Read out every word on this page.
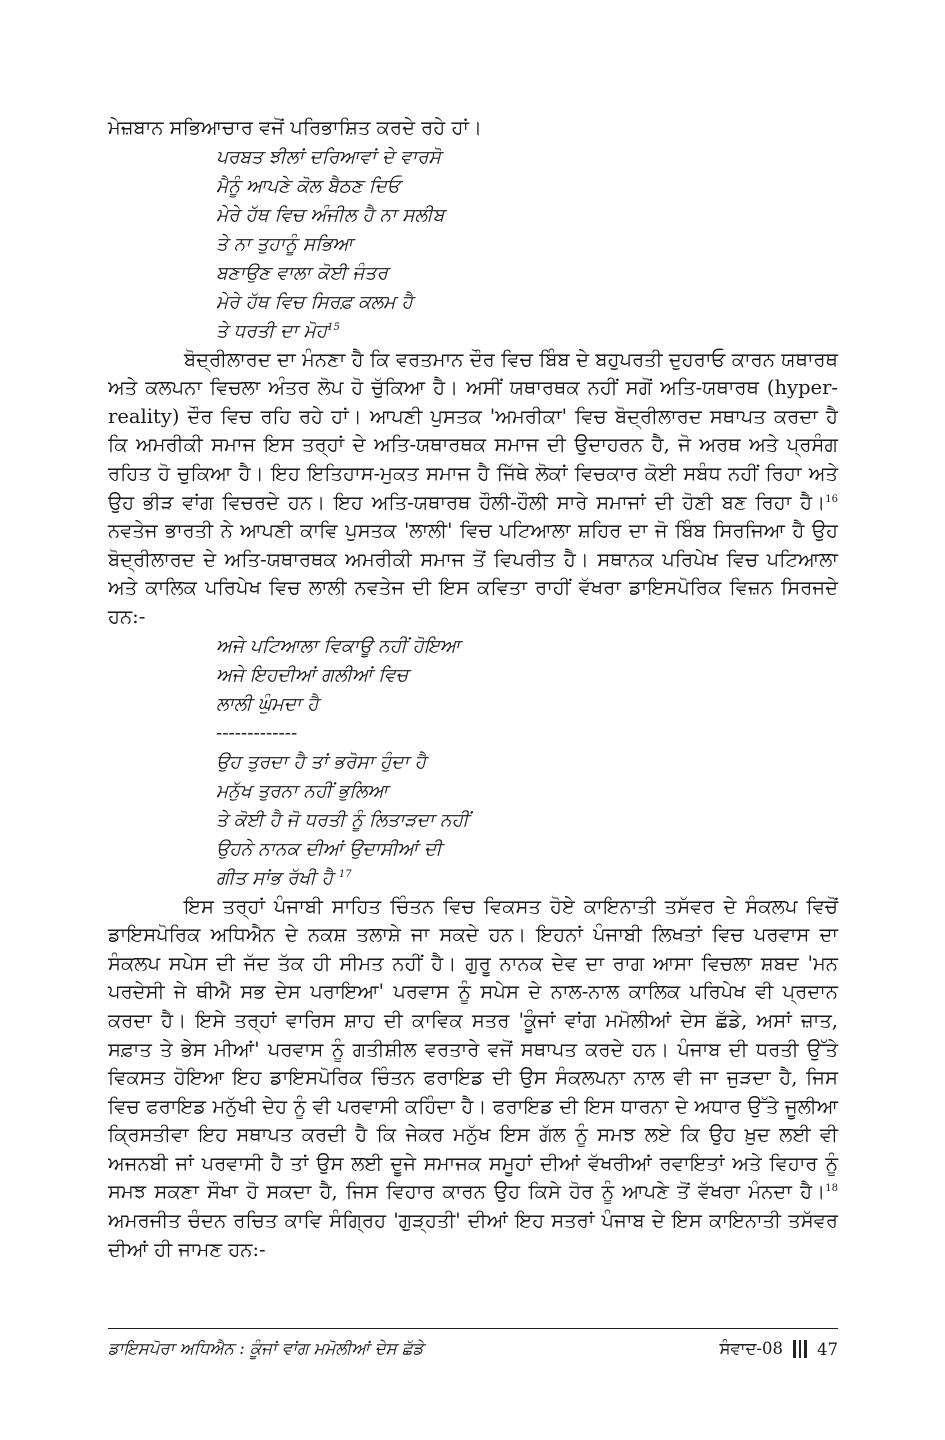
ਮੇਜ਼ਬਾਨ ਸਭਿਆਚਾਰ ਵਜੋਂ ਪਰਿਭਾਸ਼ਿਤ ਕਰਦੇ ਰਹੇ ਹਾਂ।

ਪਰਬਤ ਝੀਲਾਂ ਦਰਿਆਵਾਂ ਦੇ ਵਾਰਸੋ
ਮੈਨੂੰ ਆਪਣੇ ਕੋਲ ਬੈਠਣ ਦਿਓ
ਮੇਰੇ ਹੱਥ ਵਿਚ ਅੰਜੀਲ ਹੈ ਨਾ ਸਲੀਬ
ਤੇ ਨਾ ਤੁਹਾਨੂੰ ਸਭਿਆ
ਬਣਾਉਣ ਵਾਲਾ ਕੋਈ ਜੰਤਰ
ਮੇਰੇ ਹੱਥ ਵਿਚ ਸਿਰਫ਼ ਕਲਮ ਹੈ
ਤੇ ਧਰਤੀ ਦਾ ਮੋਹ$^{15}$

ਬੋਦ੍ਰੀਲਾਰਦ ਦਾ ਮੰਨਣਾ ਹੈ ਕਿ ਵਰਤਮਾਨ ਦੌਰ ਵਿਚ ਬਿੰਬ ਦੇ ਬਹੁਪਰਤੀ ਦੁਹਰਾਓ ਕਾਰਨ ਯਥਾਰਥ ਅਤੇ ਕਲਪਨਾ ਵਿਚਲਾ ਅੰਤਰ ਲੋਪ ਹੋ ਚੁੱਕਿਆ ਹੈ। ਅਸੀਂ ਯਥਾਰਥਕ ਨਹੀਂ ਸਗੋਂ ਅਤਿ-ਯਥਾਰਥ (hyper-reality) ਦੌਰ ਵਿਚ ਰਹਿ ਰਹੇ ਹਾਂ। ਆਪਣੀ ਪੁਸਤਕ 'ਅਮਰੀਕਾ' ਵਿਚ ਬੋਦ੍ਰੀਲਾਰਦ ਸਥਾਪਤ ਕਰਦਾ ਹੈ ਕਿ ਅਮਰੀਕੀ ਸਮਾਜ ਇਸ ਤਰ੍ਹਾਂ ਦੇ ਅਤਿ-ਯਥਾਰਥਕ ਸਮਾਜ ਦੀ ਉਦਾਹਰਨ ਹੈ, ਜੋ ਅਰਥ ਅਤੇ ਪ੍ਰਸੰਗ ਰਹਿਤ ਹੋ ਚੁਕਿਆ ਹੈ। ਇਹ ਇਤਿਹਾਸ-ਮੁਕਤ ਸਮਾਜ ਹੈ ਜਿੱਥੇ ਲੋਕਾਂ ਵਿਚਕਾਰ ਕੋਈ ਸਬੰਧ ਨਹੀਂ ਰਿਹਾ ਅਤੇ ਉਹ ਭੀੜ ਵਾਂਗ ਵਿਚਰਦੇ ਹਨ। ਇਹ ਅਤਿ-ਯਥਾਰਥ ਹੌਲੀ-ਹੌਲੀ ਸਾਰੇ ਸਮਾਜਾਂ ਦੀ ਹੋਣੀ ਬਣ ਰਿਹਾ ਹੈ।$^{16}$ ਨਵਤੇਜ ਭਾਰਤੀ ਨੇ ਆਪਣੀ ਕਾਵਿ ਪੁਸਤਕ 'ਲਾਲੀ' ਵਿਚ ਪਟਿਆਲਾ ਸ਼ਹਿਰ ਦਾ ਜੋ ਬਿੰਬ ਸਿਰਜਿਆ ਹੈ ਉਹ ਬੋਦ੍ਰੀਲਾਰਦ ਦੇ ਅਤਿ-ਯਥਾਰਥਕ ਅਮਰੀਕੀ ਸਮਾਜ ਤੋਂ ਵਿਪਰੀਤ ਹੈ। ਸਥਾਨਕ ਪਰਿਪੇਖ ਵਿਚ ਪਟਿਆਲਾ ਅਤੇ ਕਾਲਿਕ ਪਰਿਪੇਖ ਵਿਚ ਲਾਲੀ ਨਵਤੇਜ ਦੀ ਇਸ ਕਵਿਤਾ ਰਾਹੀਂ ਵੱਖਰਾ ਡਾਇਸਪੋਰਿਕ ਵਿਜ਼ਨ ਸਿਰਜਦੇ ਹਨ:-

ਅਜੇ ਪਟਿਆਲਾ ਵਿਕਾਊ ਨਹੀਂ ਹੋਇਆ
ਅਜੇ ਇਹਦੀਆਂ ਗਲੀਆਂ ਵਿਚ
ਲਾਲੀ ਘੁੰਮਦਾ ਹੈ
-------------
ਉਹ ਤੁਰਦਾ ਹੈ ਤਾਂ ਭਰੋਸਾ ਹੁੰਦਾ ਹੈ
ਮਨੁੱਖ ਤੁਰਨਾ ਨਹੀਂ ਭੁਲਿਆ
ਤੇ ਕੋਈ ਹੈ ਜੋ ਧਰਤੀ ਨੂੰ ਲਿਤਾੜਦਾ ਨਹੀਂ
ਉਹਨੇ ਨਾਨਕ ਦੀਆਂ ਉਦਾਸੀਆਂ ਦੀ
ਗੀਤ ਸਾਂਭ ਰੱਖੀ ਹੈ $^{17}$

ਇਸ ਤਰ੍ਹਾਂ ਪੰਜਾਬੀ ਸਾਹਿਤ ਚਿੰਤਨ ਵਿਚ ਵਿਕਸਤ ਹੋਏ ਕਾਇਨਾਤੀ ਤਸੱਵਰ ਦੇ ਸੰਕਲਪ ਵਿਚੋਂ ਡਾਇਸਪੋਰਿਕ ਅਧਿਐਨ ਦੇ ਨਕਸ਼ ਤਲਾਸ਼ੇ ਜਾ ਸਕਦੇ ਹਨ। ਇਹਨਾਂ ਪੰਜਾਬੀ ਲਿਖਤਾਂ ਵਿਚ ਪਰਵਾਸ ਦਾ ਸੰਕਲਪ ਸਪੇਸ ਦੀ ਜੱਦ ਤੱਕ ਹੀ ਸੀਮਤ ਨਹੀਂ ਹੈ। ਗੁਰੂ ਨਾਨਕ ਦੇਵ ਦਾ ਰਾਗ ਆਸਾ ਵਿਚਲਾ ਸ਼ਬਦ 'ਮਨ ਪਰਦੇਸੀ ਜੇ ਥੀਐ ਸਭ ਦੇਸ ਪਰਾਇਆ' ਪਰਵਾਸ ਨੂੰ ਸਪੇਸ ਦੇ ਨਾਲ-ਨਾਲ ਕਾਲਿਕ ਪਰਿਪੇਖ ਵੀ ਪ੍ਰਦਾਨ ਕਰਦਾ ਹੈ। ਇਸੇ ਤਰ੍ਹਾਂ ਵਾਰਿਸ ਸ਼ਾਹ ਦੀ ਕਾਵਿਕ ਸਤਰ 'ਕੂੰਜਾਂ ਵਾਂਗ ਮਮੋਲੀਆਂ ਦੇਸ ਛੱਡੇ, ਅਸਾਂ ਜ਼ਾਤ, ਸਫ਼ਾਤ ਤੇ ਭੇਸ ਮੀਆਂ' ਪਰਵਾਸ ਨੂੰ ਗਤੀਸ਼ੀਲ ਵਰਤਾਰੇ ਵਜੋਂ ਸਥਾਪਤ ਕਰਦੇ ਹਨ। ਪੰਜਾਬ ਦੀ ਧਰਤੀ ਉੱਤੇ ਵਿਕਸਤ ਹੋਇਆ ਇਹ ਡਾਇਸਪੋਰਿਕ ਚਿੰਤਨ ਫਰਾਇਡ ਦੀ ਉਸ ਸੰਕਲਪਨਾ ਨਾਲ ਵੀ ਜਾ ਜੁੜਦਾ ਹੈ, ਜਿਸ ਵਿਚ ਫਰਾਇਡ ਮਨੁੱਖੀ ਦੇਹ ਨੂੰ ਵੀ ਪਰਵਾਸੀ ਕਹਿੰਦਾ ਹੈ। ਫਰਾਇਡ ਦੀ ਇਸ ਧਾਰਨਾ ਦੇ ਅਧਾਰ ਉੱਤੇ ਜੂਲੀਆ ਕ੍ਰਿਸਤੀਵਾ ਇਹ ਸਥਾਪਤ ਕਰਦੀ ਹੈ ਕਿ ਜੇਕਰ ਮਨੁੱਖ ਇਸ ਗੱਲ ਨੂੰ ਸਮਝ ਲਏ ਕਿ ਉਹ ਖ਼ੁਦ ਲਈ ਵੀ ਅਜਨਬੀ ਜਾਂ ਪਰਵਾਸੀ ਹੈ ਤਾਂ ਉਸ ਲਈ ਦੂਜੇ ਸਮਾਜਕ ਸਮੂਹਾਂ ਦੀਆਂ ਵੱਖਰੀਆਂ ਰਵਾਇਤਾਂ ਅਤੇ ਵਿਹਾਰ ਨੂੰ ਸਮਝ ਸਕਣਾ ਸੌਖਾ ਹੋ ਸਕਦਾ ਹੈ, ਜਿਸ ਵਿਹਾਰ ਕਾਰਨ ਉਹ ਕਿਸੇ ਹੋਰ ਨੂੰ ਆਪਣੇ ਤੋਂ ਵੱਖਰਾ ਮੰਨਦਾ ਹੈ।$^{18}$ ਅਮਰਜੀਤ ਚੰਦਨ ਰਚਿਤ ਕਾਵਿ ਸੰਗ੍ਰਿਹ 'ਗੁੜ੍ਹਤੀ' ਦੀਆਂ ਇਹ ਸਤਰਾਂ ਪੰਜਾਬ ਦੇ ਇਸ ਕਾਇਨਾਤੀ ਤਸੱਵਰ ਦੀਆਂ ਹੀ ਜਾਮਣ ਹਨ:-

ਡਾਇਸਪੋਰਾ ਅਧਿਐਨ : ਕੂੰਜਾਂ ਵਾਂਗ ਮਮੋਲੀਆਂ ਦੇਸ ਛੱਡੇ	ਸੰਵਾਦ-08 47
